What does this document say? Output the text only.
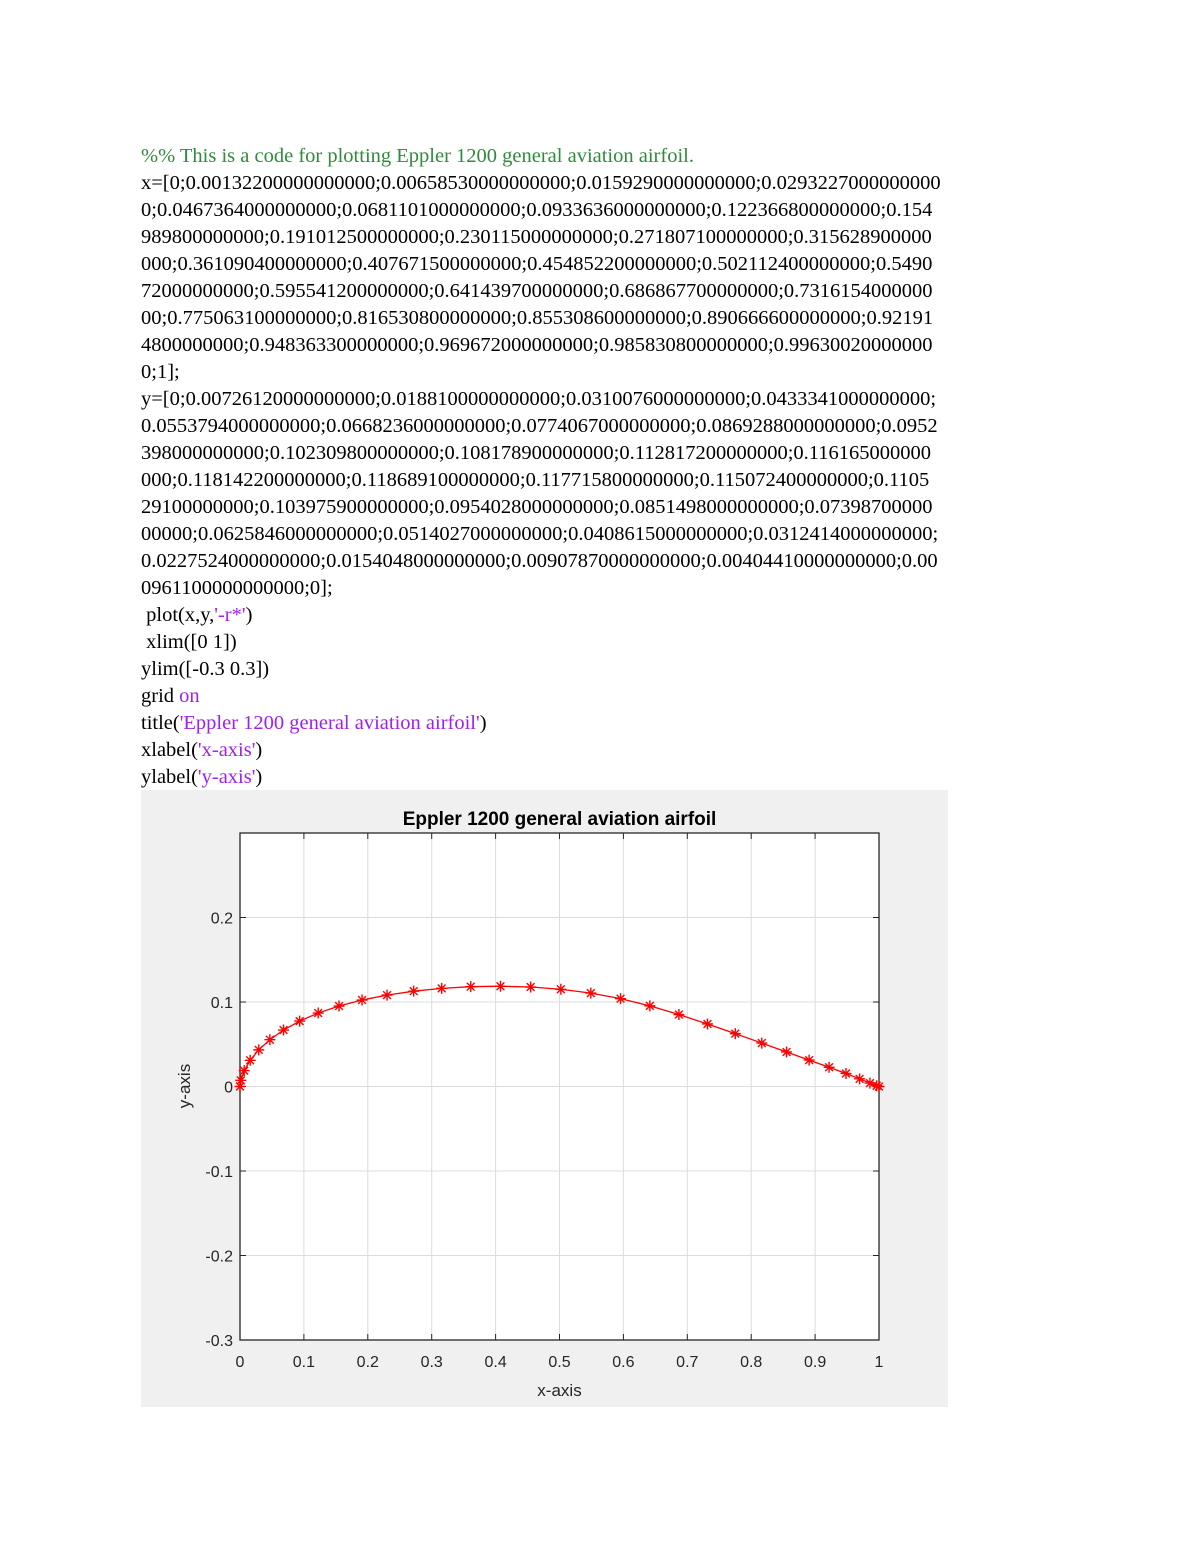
%% This is a code for plotting Eppler 1200 general aviation airfoil.
x=[0;0.00132200000000000;0.00658530000000000;0.0159290000000000;0.0293227000000000
0;0.0467364000000000;0.0681101000000000;0.0933636000000000;0.122366800000000;0.154
989800000000;0.191012500000000;0.230115000000000;0.271807100000000;0.315628900000
000;0.361090400000000;0.407671500000000;0.454852200000000;0.502112400000000;0.5490
72000000000;0.595541200000000;0.641439700000000;0.686867700000000;0.7316154000000
00;0.775063100000000;0.816530800000000;0.855308600000000;0.890666600000000;0.92191
4800000000;0.948363300000000;0.969672000000000;0.985830800000000;0.99630020000000
0;1];
y=[0;0.00726120000000000;0.0188100000000000;0.0310076000000000;0.0433341000000000;
0.0553794000000000;0.0668236000000000;0.0774067000000000;0.0869288000000000;0.0952
398000000000;0.102309800000000;0.108178900000000;0.112817200000000;0.116165000000
000;0.118142200000000;0.118689100000000;0.117715800000000;0.115072400000000;0.1105
29100000000;0.103975900000000;0.0954028000000000;0.0851498000000000;0.07398700000
00000;0.0625846000000000;0.0514027000000000;0.0408615000000000;0.0312414000000000;
0.0227524000000000;0.0154048000000000;0.00907870000000000;0.00404410000000000;0.00
0961100000000000;0];
plot(x,y,'-r*')
xlim([0 1])
ylim([-0.3 0.3])
grid on
title('Eppler 1200 general aviation airfoil')
xlabel('x-axis')
ylabel('y-axis')
0	0.1	0.2	0.3	0.4	0.5	0.6	0.7	0.8	0.9	1
0.2
0.1
0
-0.1
-0.2
-0.3
Eppler 1200 general aviation airfoil
x-axis
y-axis
